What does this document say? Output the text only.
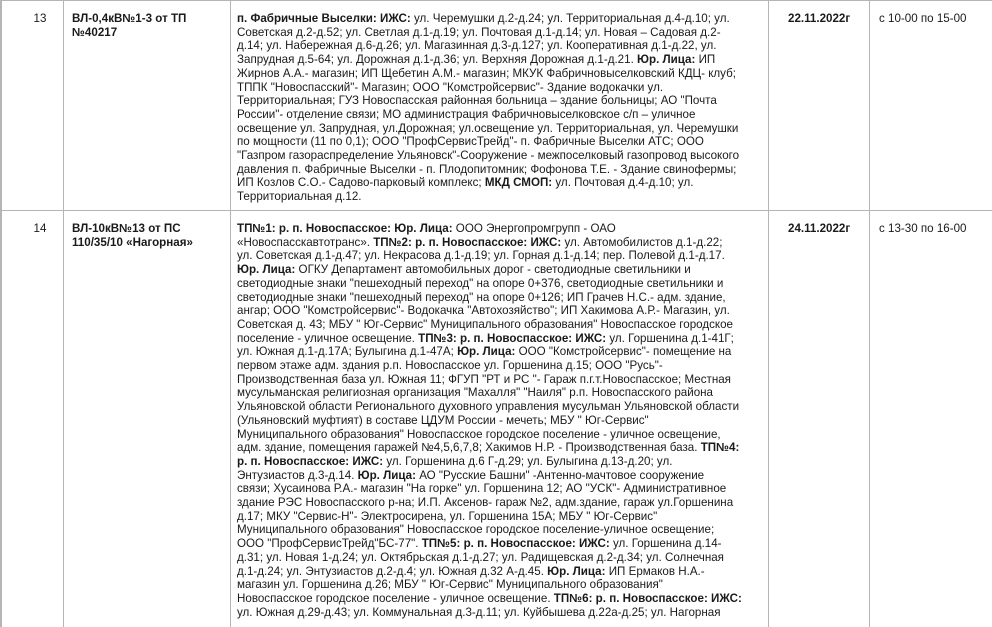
13	ВЛ-0,4кВ№1-3 от ТП №40217
п. Фабричные Выселки: ИЖС: ул. Черемушки д.2-д.24; ул. Территориальная д.4-д.10; ул.
Советская д.2-д.52; ул. Светлая д.1-д.19; ул. Почтовая д.1-д.14; ул. Новая – Садовая д.2-
д.14; ул. Набережная д.6-д.26; ул. Магазинная д.3-д.127; ул. Кооперативная д.1-д.22, ул.
Запрудная д.5-64; ул. Дорожная д.1-д.36; ул. Верхняя Дорожная д.1-д.21. Юр. Лица: ИП
Жирнов А.А.- магазин; ИП Щебетин А.М.- магазин; МКУК Фабричновыселковский КДЦ- клуб;
ТППК "Новоспасский"- Магазин; ООО "Комстройсервис"- Здание водокачки ул.
Территориальная; ГУЗ Новоспасская районная больница – здание больницы; АО "Почта
России"- отделение связи; МО администрация Фабричновыселковское с/п – уличное
освещение ул. Запрудная, ул.Дорожная; ул.освещение ул. Территориальная, ул. Черемушки
по мощности (11 по 0,1); ООО "ПрофСервисТрейд"- п. Фабричные Выселки АТС; ООО
"Газпром газораспределение Ульяновск"-Сооружение - межпоселковый газопровод высокого
давления п. Фабричные Выселки - п. Плодопитомник; Фофонова Т.Е. - Здание свинофермы;
ИП Козлов С.О.- Садово-парковый комплекс; МКД СМОП: ул. Почтовая д.4-д.10; ул.
Территориальная д.12.
22.11.2022г с 10-00 по 15-00
14	ВЛ-10кВ№13 от ПС 110/35/10 «Нагорная»
ТП№1: р. п. Новоспасское: Юр. Лица: ООО Энергопромгрупп - ОАО
«Новоспасскавтотранс». ТП№2: р. п. Новоспасское: ИЖС: ул. Автомобилистов д.1-д.22;
ул. Советская д.1-д.47; ул. Некрасова д.1-д.19; ул. Горная д.1-д.14; пер. Полевой д.1-д.17.
Юр. Лица: ОГКУ Департамент автомобильных дорог - светодиодные светильники и
светодиодные знаки "пешеходный переход" на опоре 0+376, светодиодные светильники и
светодиодные знаки "пешеходный переход" на опоре 0+126; ИП Грачев Н.С.- адм. здание,
ангар; ООО "Комстройсервис"- Водокачка "Автохозяйство"; ИП Хакимова А.Р.- Магазин, ул.
Советская д. 43; МБУ " Юг-Сервис" Муниципального образования" Новоспасское городское
поселение - уличное освещение. ТП№3: р. п. Новоспасское: ИЖС: ул. Горшенина д.1-41Г;
ул. Южная д.1-д.17А; Булыгина д.1-47А; Юр. Лица: ООО "Комстройсервис"- помещение на
первом этаже адм. здания р.п. Новоспасское ул. Горшенина д.15; ООО "Русь"-
Производственная база ул. Южная 11; ФГУП "РТ и РС "- Гараж п.г.т.Новоспасское; Местная
мусульманская религиозная организация "Махалля" "Наиля" р.п. Новоспасского района
Ульяновской области Регионального духовного управления мусульман Ульяновской области
(Ульяновский муфтият) в составе ЦДУМ России - мечеть; МБУ " Юг-Сервис"
Муниципального образования" Новоспасское городское поселение - уличное освещение,
адм. здание, помещения гаражей №4,5,6,7,8; Хакимов Н.Р. - Производственная база. ТП№4:
р. п. Новоспасское: ИЖС: ул. Горшенина д.6 Г-д.29; ул. Булыгина д.13-д.20; ул.
Энтузиастов д.3-д.14. Юр. Лица: АО "Русские Башни" -Антенно-мачтовое сооружение
связи; Хусаинова Р.А.- магазин "На горке" ул. Горшенина 12; АО "УСК"- Административное
здание РЭС Новоспасского р-на; И.П. Аксенов- гараж №2, адм.здание, гараж ул.Горшенина
д.17; МКУ "Сервис-Н"- Электросирена, ул. Горшенина 15А; МБУ " Юг-Сервис"
Муниципального образования" Новоспасское городское поселение-уличное освещение;
ООО "ПрофСервисТрейд"БС-77". ТП№5: р. п. Новоспасское: ИЖС: ул. Горшенина д.14-
д.31; ул. Новая 1-д.24; ул. Октябрьская д.1-д.27; ул. Радищевская д.2-д.34; ул. Солнечная
д.1-д.24; ул. Энтузиастов д.2-д.4; ул. Южная д.32 А-д.45. Юр. Лица: ИП Ермаков Н.А.-
магазин ул. Горшенина д.26; МБУ " Юг-Сервис" Муниципального образования"
Новоспасское городское поселение - уличное освещение. ТП№6: р. п. Новоспасское: ИЖС:
ул. Южная д.29-д.43; ул. Коммунальная д.3-д.11; ул. Куйбышева д.22а-д.25; ул. Нагорная
24.11.2022г с 13-30 по 16-00
